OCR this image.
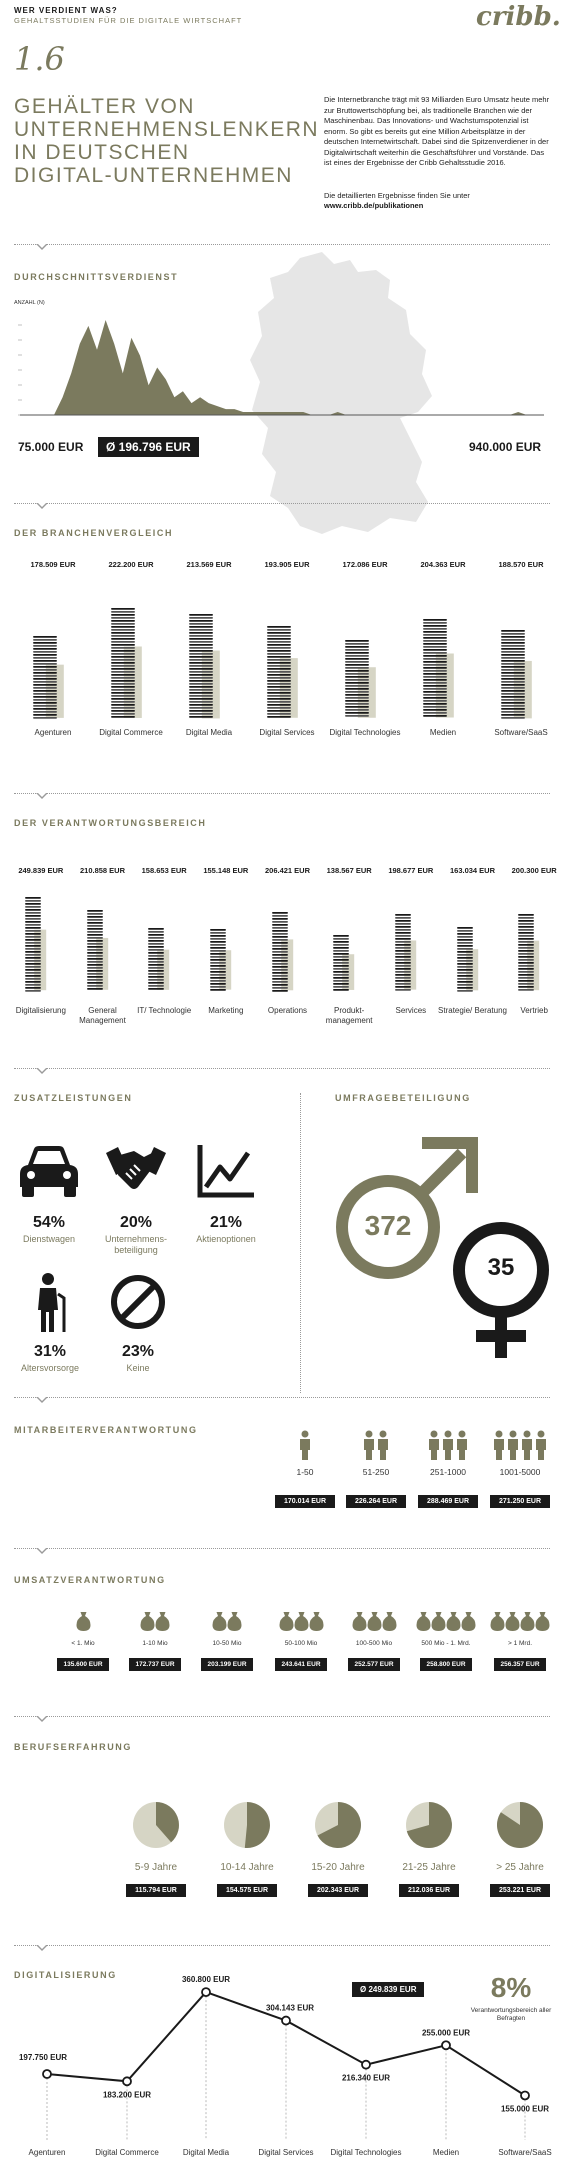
WER VERDIENT WAS?
GEHALTSSTUDIEN FÜR DIE DIGITALE WIRTSCHAFT	cribb.
1.6
GEHÄLTER VON
UNTERNEHMENSLENKERN
IN DEUTSCHEN
DIGITAL-UNTERNEHMEN
Die Internetbranche trägt mit 93 Milliarden Euro Umsatz heute mehr zur Bruttowertschöpfung bei, als traditionelle Branchen wie der Maschinenbau. Das Innovations- und Wachstumspotenzial ist enorm. So gibt es bereits gut eine Million Arbeitsplätze in der deutschen Internetwirtschaft. Dabei sind die Spitzenverdiener in der Digitalwirtschaft weiterhin die Geschäftsführer und Vorstände. Das ist eines der Ergebnisse der Cribb Gehaltsstudie 2016.
Die detaillierten Ergebnisse finden Sie unter
www.cribb.de/publikationen
DURCHSCHNITTSVERDIENST
ANZAHL (N)
75.000 EUR	Ø 196.796 EUR	940.000 EUR
DER BRANCHENVERGLEICH
178.509 EUR
Agenturen
222.200 EUR
Digital Commerce
213.569 EUR
Digital Media
193.905 EUR
Digital Services
172.086 EUR
Digital Technologies
204.363 EUR
Medien
188.570 EUR
Software/SaaS
DER VERANTWORTUNGSBEREICH
249.839 EUR
Digitalisierung
210.858 EUR
General Management
158.653 EUR
IT/ Technologie
155.148 EUR
Marketing
206.421 EUR
Operations
138.567 EUR
Produkt- management
198.677 EUR
Services
163.034 EUR
Strategie/ Beratung
200.300 EUR
Vertrieb
ZUSATZLEISTUNGEN	UMFRAGEBETEILIGUNG
54%
Dienstwagen
20%
Unternehmens- beteiligung
21%
Aktienoptionen
31%
Altersvorsorge
23%
Keine
372
35
MITARBEITERVERANTWORTUNG
1-50
170.014 EUR
51-250
226.264 EUR
251-1000
288.469 EUR
1001-5000
271.250 EUR
UMSATZVERANTWORTUNG
< 1. Mio
135.600 EUR
1-10 Mio
172.737 EUR
10-50 Mio
203.199 EUR
50-100 Mio
243.641 EUR
100-500 Mio
252.577 EUR
500 Mio - 1. Mrd.
258.800 EUR
> 1 Mrd.
256.357 EUR
BERUFSERFAHRUNG
5-9 Jahre
115.794 EUR
10-14 Jahre
154.575 EUR
15-20 Jahre
202.343 EUR
21-25 Jahre
212.036 EUR
> 25 Jahre
253.221 EUR
DIGITALISIERUNG
Ø 249.839 EUR	8%
Verantwortungsbereich aller Befragten
197.750 EUR
Agenturen
183.200 EUR
Digital Commerce
360.800 EUR
Digital Media
304.143 EUR
Digital Services
216.340 EUR
Digital Technologies
255.000 EUR
Medien
155.000 EUR
Software/SaaS
